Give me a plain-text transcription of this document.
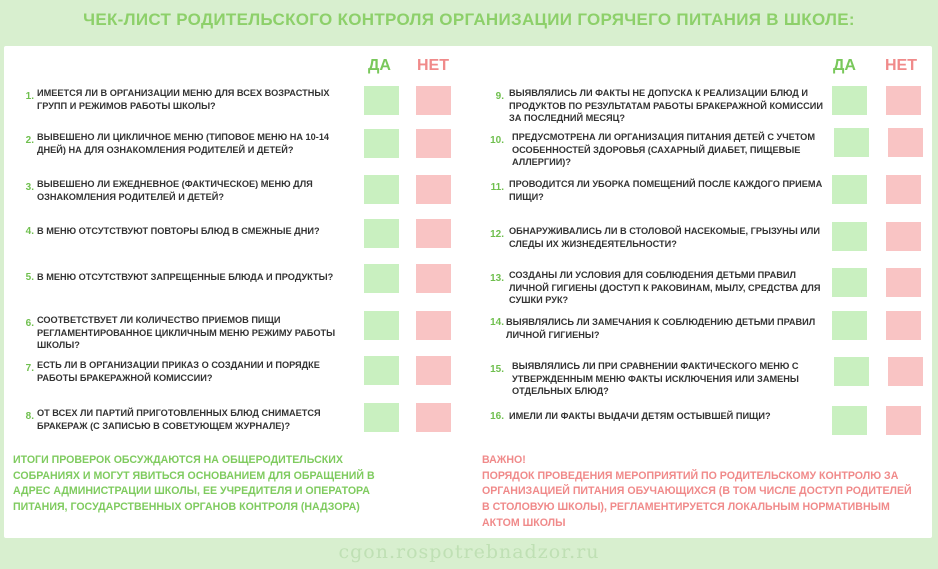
ЧЕК-ЛИСТ РОДИТЕЛЬСКОГО КОНТРОЛЯ ОРГАНИЗАЦИИ ГОРЯЧЕГО ПИТАНИЯ В ШКОЛЕ:
ДА НЕТ	ДА НЕТ
1. ИМЕЕТСЯ ЛИ В ОРГАНИЗАЦИИ МЕНЮ ДЛЯ ВСЕХ ВОЗРАСТНЫХ ГРУПП И РЕЖИМОВ РАБОТЫ ШКОЛЫ?
2. ВЫВЕШЕНО ЛИ ЦИКЛИЧНОЕ МЕНЮ (ТИПОВОЕ МЕНЮ НА 10-14 ДНЕЙ) НА ДЛЯ ОЗНАКОМЛЕНИЯ РОДИТЕЛЕЙ И ДЕТЕЙ?
3. ВЫВЕШЕНО ЛИ ЕЖЕДНЕВНОЕ (ФАКТИЧЕСКОЕ) МЕНЮ ДЛЯ ОЗНАКОМЛЕНИЯ РОДИТЕЛЕЙ И ДЕТЕЙ?
4. В МЕНЮ ОТСУТСТВУЮТ ПОВТОРЫ БЛЮД В СМЕЖНЫЕ ДНИ?
5. В МЕНЮ ОТСУТСТВУЮТ ЗАПРЕЩЕННЫЕ БЛЮДА И ПРОДУКТЫ?
6. СООТВЕТСТВУЕТ ЛИ КОЛИЧЕСТВО ПРИЕМОВ ПИЩИ РЕГЛАМЕНТИРОВАННОЕ ЦИКЛИЧНЫМ МЕНЮ РЕЖИМУ РАБОТЫ ШКОЛЫ?
7. ЕСТЬ ЛИ В ОРГАНИЗАЦИИ ПРИКАЗ О СОЗДАНИИ И ПОРЯДКЕ РАБОТЫ БРАКЕРАЖНОЙ КОМИССИИ?
8. ОТ ВСЕХ ЛИ ПАРТИЙ ПРИГОТОВЛЕННЫХ БЛЮД СНИМАЕТСЯ БРАКЕРАЖ (С ЗАПИСЬЮ В СОВЕТУЮЩЕМ ЖУРНАЛЕ)?
9. ВЫЯВЛЯЛИСЬ ЛИ ФАКТЫ НЕ ДОПУСКА К РЕАЛИЗАЦИИ БЛЮД И ПРОДУКТОВ ПО РЕЗУЛЬТАТАМ РАБОТЫ БРАКЕРАЖНОЙ КОМИССИИ ЗА ПОСЛЕДНИЙ МЕСЯЦ?
10. ПРЕДУСМОТРЕНА ЛИ ОРГАНИЗАЦИЯ ПИТАНИЯ ДЕТЕЙ С УЧЕТОМ ОСОБЕННОСТЕЙ ЗДОРОВЬЯ (САХАРНЫЙ ДИАБЕТ, ПИЩЕВЫЕ АЛЛЕРГИИ)?
11. ПРОВОДИТСЯ ЛИ УБОРКА ПОМЕЩЕНИЙ ПОСЛЕ КАЖДОГО ПРИЕМА ПИЩИ?
12. ОБНАРУЖИВАЛИСЬ ЛИ В СТОЛОВОЙ НАСЕКОМЫЕ, ГРЫЗУНЫ ИЛИ СЛЕДЫ ИХ ЖИЗНЕДЕЯТЕЛЬНОСТИ?
13. СОЗДАНЫ ЛИ УСЛОВИЯ ДЛЯ СОБЛЮДЕНИЯ ДЕТЬМИ ПРАВИЛ ЛИЧНОЙ ГИГИЕНЫ (ДОСТУП К РАКОВИНАМ, МЫЛУ, СРЕДСТВА ДЛЯ СУШКИ РУК?
14. ВЫЯВЛЯЛИСЬ ЛИ ЗАМЕЧАНИЯ К СОБЛЮДЕНИЮ ДЕТЬМИ ПРАВИЛ ЛИЧНОЙ ГИГИЕНЫ?
15. ВЫЯВЛЯЛИСЬ ЛИ ПРИ СРАВНЕНИИ ФАКТИЧЕСКОГО МЕНЮ С УТВЕРЖДЕННЫМ МЕНЮ ФАКТЫ ИСКЛЮЧЕНИЯ ИЛИ ЗАМЕНЫ ОТДЕЛЬНЫХ БЛЮД?
16. ИМЕЛИ ЛИ ФАКТЫ ВЫДАЧИ ДЕТЯМ ОСТЫВШЕЙ ПИЩИ?
ИТОГИ ПРОВЕРОК ОБСУЖДАЮТСЯ НА ОБЩЕРОДИТЕЛЬСКИХ СОБРАНИЯХ И МОГУТ ЯВИТЬСЯ ОСНОВАНИЕМ ДЛЯ ОБРАЩЕНИЙ В АДРЕС АДМИНИСТРАЦИИ ШКОЛЫ, ЕЕ УЧРЕДИТЕЛЯ И ОПЕРАТОРА ПИТАНИЯ, ГОСУДАРСТВЕННЫХ ОРГАНОВ КОНТРОЛЯ (НАДЗОРА)
ВАЖНО!
ПОРЯДОК ПРОВЕДЕНИЯ МЕРОПРИЯТИЙ ПО РОДИТЕЛЬСКОМУ КОНТРОЛЮ ЗА ОРГАНИЗАЦИЕЙ ПИТАНИЯ ОБУЧАЮЩИХСЯ (В ТОМ ЧИСЛЕ ДОСТУП РОДИТЕЛЕЙ В СТОЛОВУЮ ШКОЛЫ), РЕГЛАМЕНТИРУЕТСЯ ЛОКАЛЬНЫМ НОРМАТИВНЫМ АКТОМ ШКОЛЫ
cgon.rospotrebnadzor.ru
